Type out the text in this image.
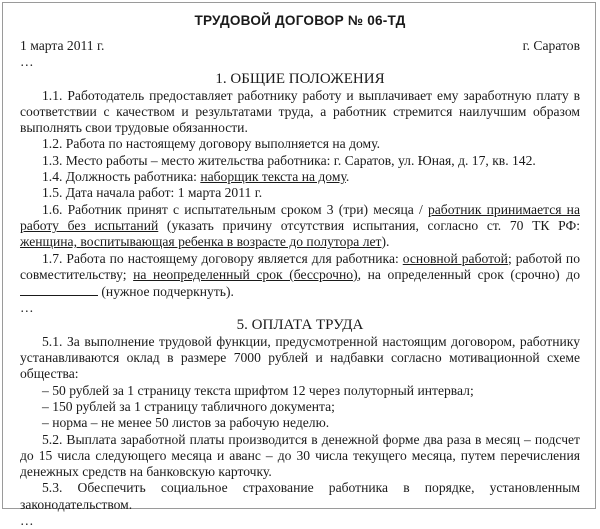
ТРУДОВОЙ ДОГОВОР № 06-ТД
1 марта 2011 г.	г. Саратов

…

1. ОБЩИЕ ПОЛОЖЕНИЯ

1.1. Работодатель предоставляет работнику работу и выплачивает ему заработную плату в соответствии с качеством и результатами труда, а работник стремится наилучшим образом выполнять свои трудовые обязанности.

1.2. Работа по настоящему договору выполняется на дому.

1.3. Место работы – место жительства работника: г. Саратов, ул. Юная, д. 17, кв. 142.

1.4. Должность работника: наборщик текста на дому.

1.5. Дата начала работ: 1 марта 2011 г.

1.6. Работник принят с испытательным сроком 3 (три) месяца / работник принимается на работу без испытаний (указать причину отсутствия испытания, согласно ст. 70 ТК РФ: женщина, воспитывающая ребенка в возрасте до полутора лет).

1.7. Работа по настоящему договору является для работника: основной работой; работой по совместительству; на неопределенный срок (бессрочно), на определенный срок (срочно) до  (нужное подчеркнуть).

…

5. ОПЛАТА ТРУДА

5.1. За выполнение трудовой функции, предусмотренной настоящим договором, работнику устанавливаются оклад в размере 7000 рублей и надбавки согласно мотивационной схеме общества:

– 50 рублей за 1 страницу текста шрифтом 12 через полуторный интервал;

– 150 рублей за 1 страницу табличного документа;

– норма – не менее 50 листов за рабочую неделю.

5.2. Выплата заработной платы производится в денежной форме два раза в месяц – подсчет до 15 числа следующего месяца и аванс – до 30 числа текущего месяца, путем перечисления денежных средств на банковскую карточку.

5.3. Обеспечить социальное страхование работника в порядке, установленным законодательством.

…
